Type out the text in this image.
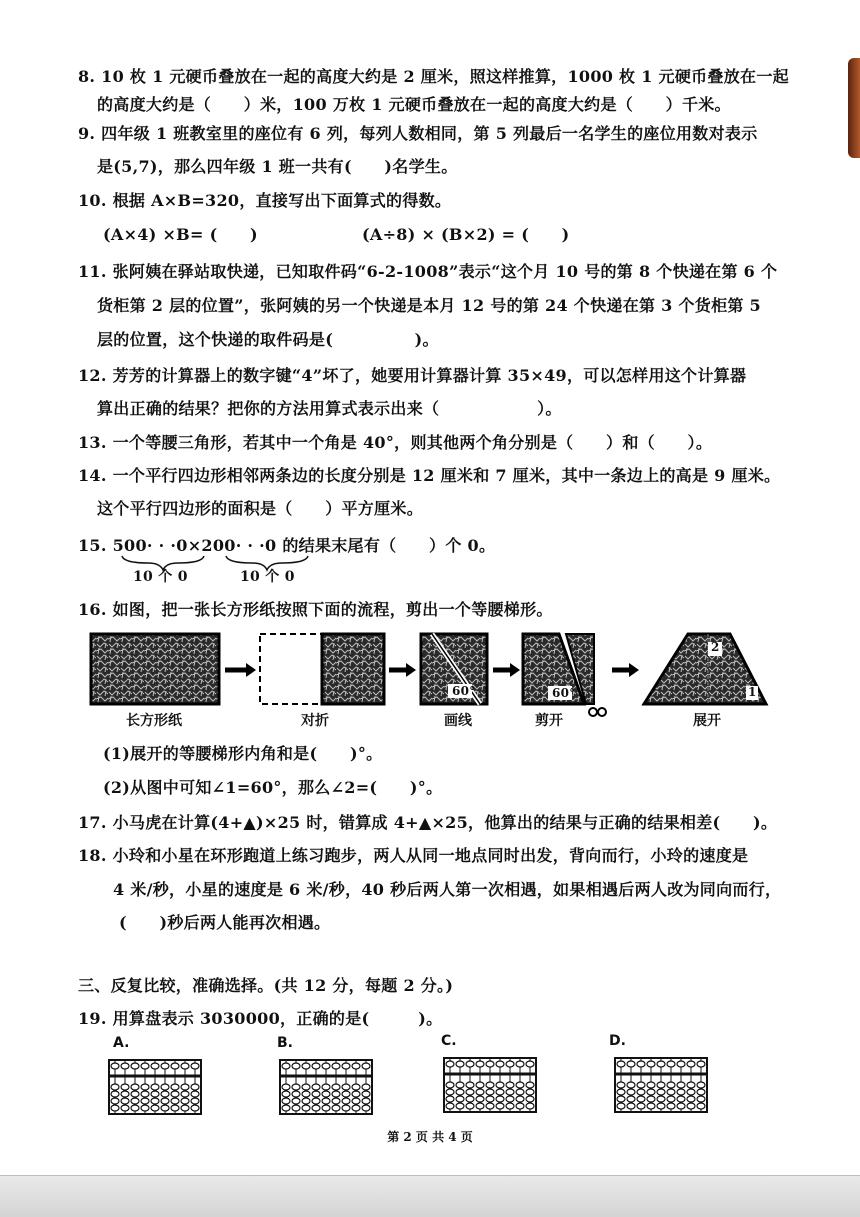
8. 10 枚 1 元硬币叠放在一起的高度大约是 2 厘米，照这样推算，1000 枚 1 元硬币叠放在一起
的高度大约是（　　）米，100 万枚 1 元硬币叠放在一起的高度大约是（　　）千米。
9. 四年级 1 班教室里的座位有 6 列，每列人数相同，第 5 列最后一名学生的座位用数对表示
是(5,7)，那么四年级 1 班一共有(　　)名学生。
10. 根据 A×B=320，直接写出下面算式的得数。
(A×4) ×B= (　　)	(A÷8) × (B×2) = (　　)
11. 张阿姨在驿站取快递，已知取件码“6-2-1008”表示“这个月 10 号的第 8 个快递在第 6 个
货柜第 2 层的位置”，张阿姨的另一个快递是本月 12 号的第 24 个快递在第 3 个货柜第 5
层的位置，这个快递的取件码是(　　　　　)。
12. 芳芳的计算器上的数字键“4”坏了，她要用计算器计算 35×49，可以怎样用这个计算器
算出正确的结果？把你的方法用算式表示出来（　　　　　　）。
13. 一个等腰三角形，若其中一个角是 40°，则其他两个角分别是（　　）和（　　）。
14. 一个平行四边形相邻两条边的长度分别是 12 厘米和 7 厘米，其中一条边上的高是 9 厘米。
这个平行四边形的面积是（　　）平方厘米。
15. 500· · ·0×200· · ·0 的结果末尾有（　　）个 0。
10 个 0	10 个 0
16. 如图，把一张长方形纸按照下面的流程，剪出一个等腰梯形。
长方形纸	对折	画线	剪开	展开
(1)展开的等腰梯形内角和是(　　)°。
(2)从图中可知∠1=60°，那么∠2=(　　)°。
17. 小马虎在计算(4+▲)×25 时，错算成 4+▲×25，他算出的结果与正确的结果相差(　　)。
18. 小玲和小星在环形跑道上练习跑步，两人从同一地点同时出发，背向而行，小玲的速度是
4 米/秒，小星的速度是 6 米/秒，40 秒后两人第一次相遇，如果相遇后两人改为同向而行，
(　　)秒后两人能再次相遇。
三、反复比较，准确选择。(共 12 分，每题 2 分。)
19. 用算盘表示 3030000，正确的是(　　　)。
A.	B.	C.	D.
第 2 页 共 4 页
60°	60°
2
1
